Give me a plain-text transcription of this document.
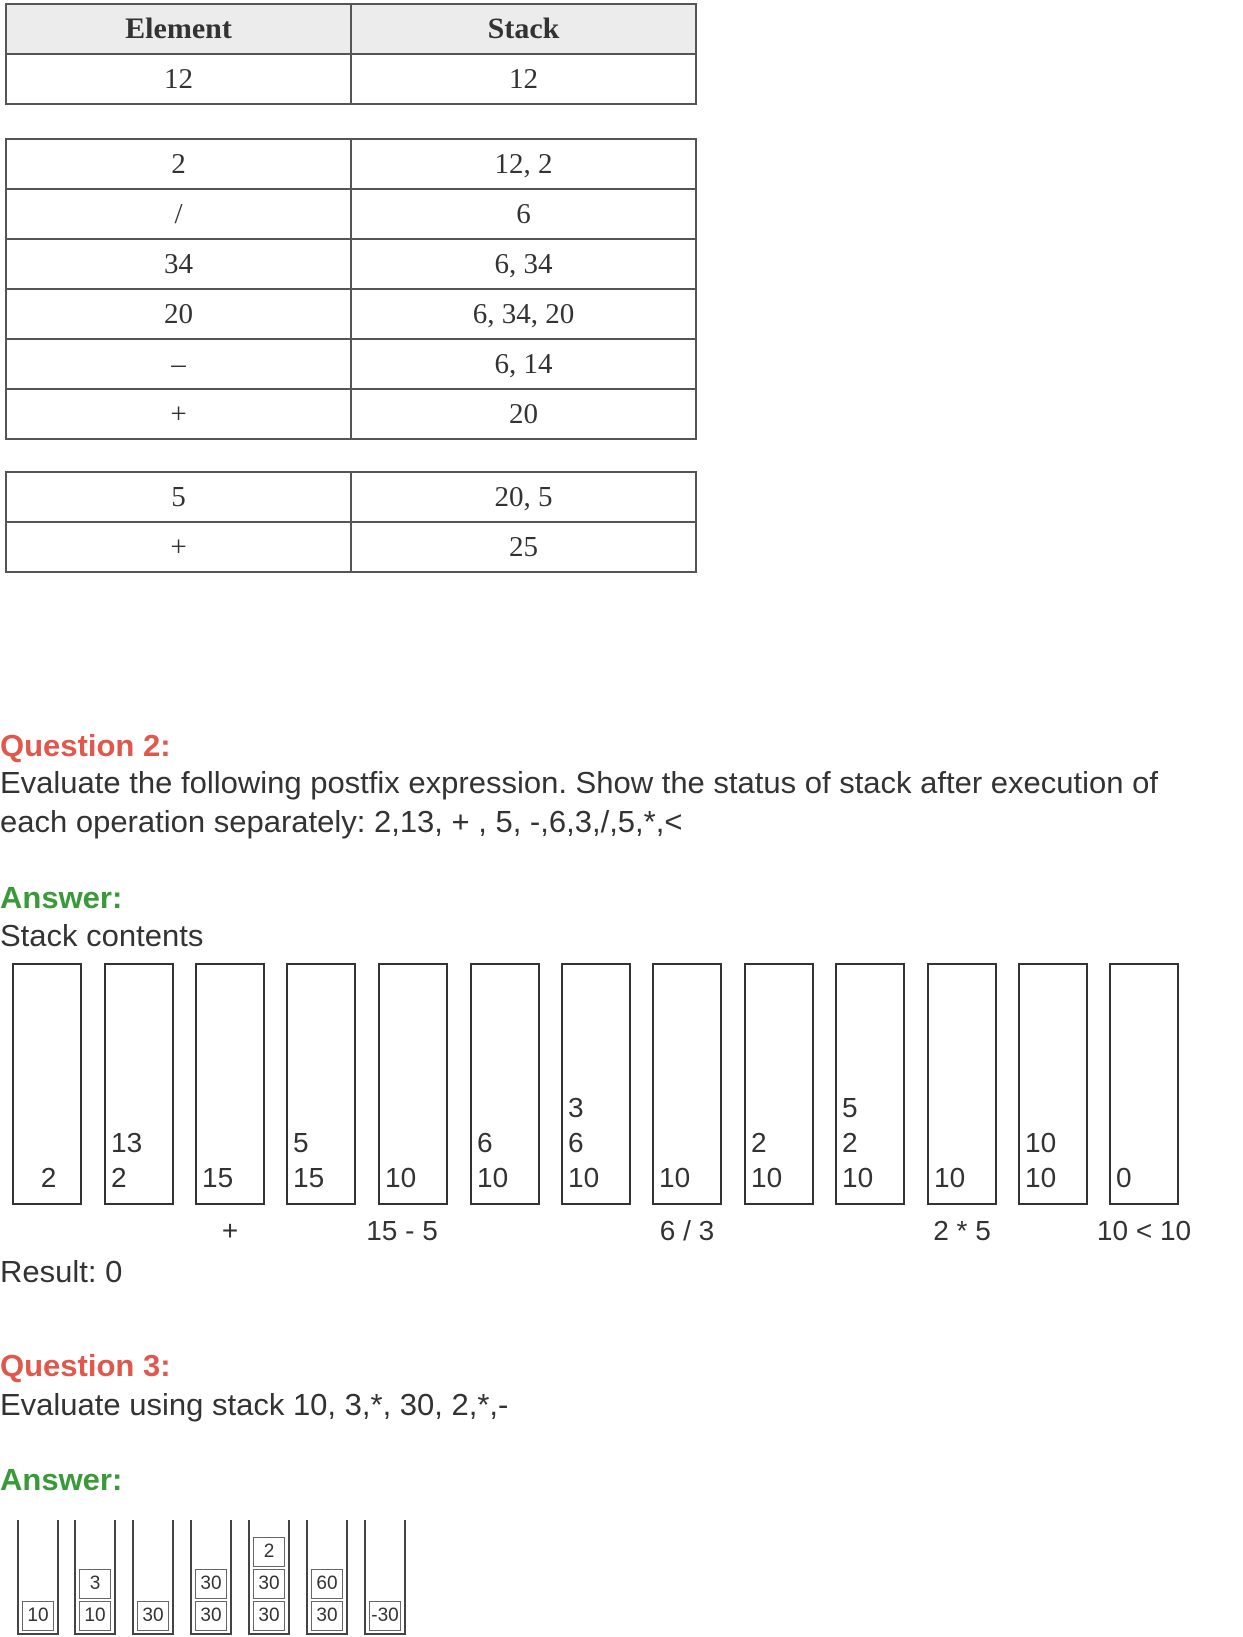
Element	Stack
12	12
2	12, 2
/	6
34	6, 34
20	6, 34, 20
–	6, 14
+	20
5	20, 5
+	25
Question 2:
Evaluate the following postfix expression. Show the status of stack after execution of
each operation separately: 2,13, + , 5, -,6,3,/,5,*,<
Answer:
Stack contents
2
13
2	15
5
15	10
6
10
3
6
10	10
2
10
5
2
10	10
10
10	0
+	15 - 5	6 / 3	2 * 5	10 < 10
Result: 0
Question 3:
Evaluate using stack 10, 3,*, 30, 2,*,-
Answer:
10
3
10 30
30
30
2
30
30
60
30 -30
